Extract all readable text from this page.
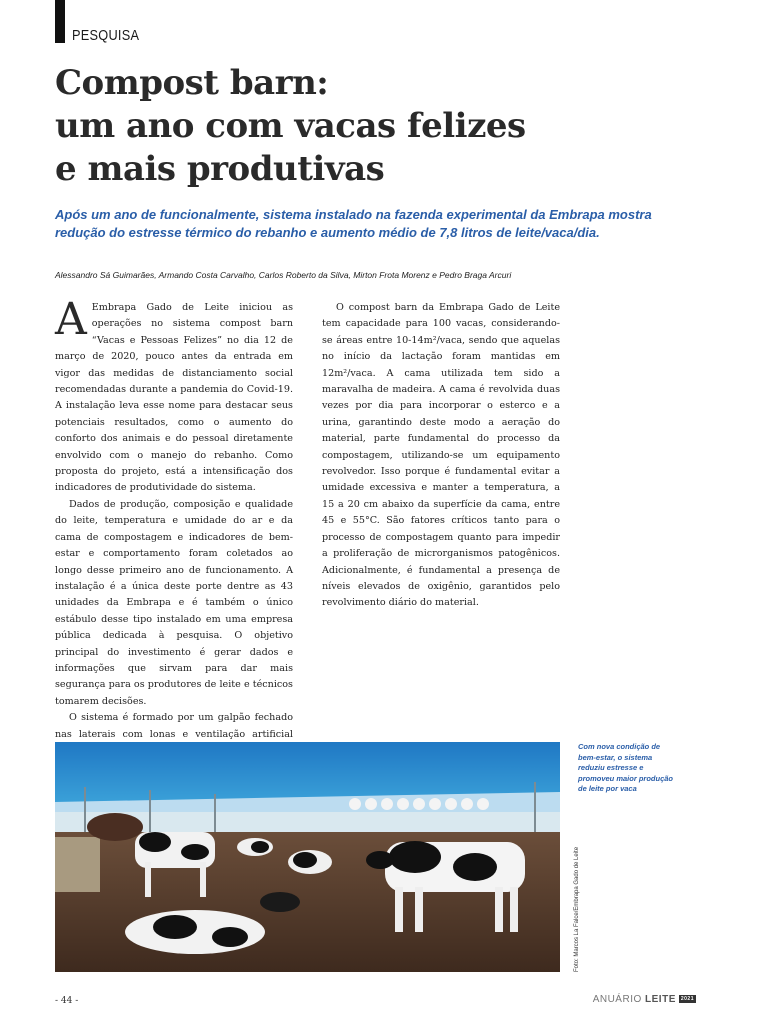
PESQUISA
Compost barn:
um ano com vacas felizes
e mais produtivas

Após um ano de funcionalmente, sistema instalado na fazenda experimental da Embrapa mostra redução do estresse térmico do rebanho e aumento médio de 7,8 litros de leite/vaca/dia.

Alessandro Sá Guimarães, Armando Costa Carvalho, Carlos Roberto da Silva, Mirton Frota Morenz e Pedro Braga Arcuri

A Embrapa Gado de Leite iniciou as operações no sistema compost barn “Vacas e Pessoas Felizes” no dia 12 de março de 2020, pouco antes da entrada em vigor das medidas de distanciamento social recomendadas durante a pandemia do Covid-19. A instalação leva esse nome para destacar seus potenciais resultados, como o aumento do conforto dos animais e do pessoal diretamente envolvido com o manejo do rebanho. Como proposta do projeto, está a intensificação dos indicadores de produtividade do sistema.

Dados de produção, composição e qualidade do leite, temperatura e umidade do ar e da cama de compostagem e indicadores de bem-estar e comportamento foram coletados ao longo desse primeiro ano de funcionamento. A instalação é a única deste porte dentre as 43 unidades da Embrapa e é também o único estábulo desse tipo instalado em uma empresa pública dedicada à pesquisa. O objetivo principal do investimento é gerar dados e informações que sirvam para dar mais segurança para os produtores de leite e técnicos tomarem decisões.

O sistema é formado por um galpão fechado nas laterais com lonas e ventilação artificial

O compost barn da Embrapa Gado de Leite tem capacidade para 100 vacas, considerando-se áreas entre 10-14m²/vaca, sendo que aquelas no início da lactação foram mantidas em 12m²/vaca. A cama utilizada tem sido a maravalha de madeira. A cama é revolvida duas vezes por dia para incorporar o esterco e a urina, garantindo deste modo a aeração do material, parte fundamental do processo da compostagem, utilizando-se um equipamento revolvedor. Isso porque é fundamental evitar a umidade excessiva e manter a temperatura, a 15 a 20 cm abaixo da superfície da cama, entre 45 e 55°C. São fatores críticos tanto para o processo de compostagem quanto para impedir a proliferação de microrganismos patogênicos. Adicionalmente, é fundamental a presença de níveis elevados de oxigênio, garantidos pelo revolvimento diário do material.

Foto: Marcos La Falce/Embrapa Gado de Leite

Com nova condição de bem-estar, o sistema reduziu estresse e promoveu maior produção de leite por vaca

- 44 -	ANUÁRIO LEITE 2021
